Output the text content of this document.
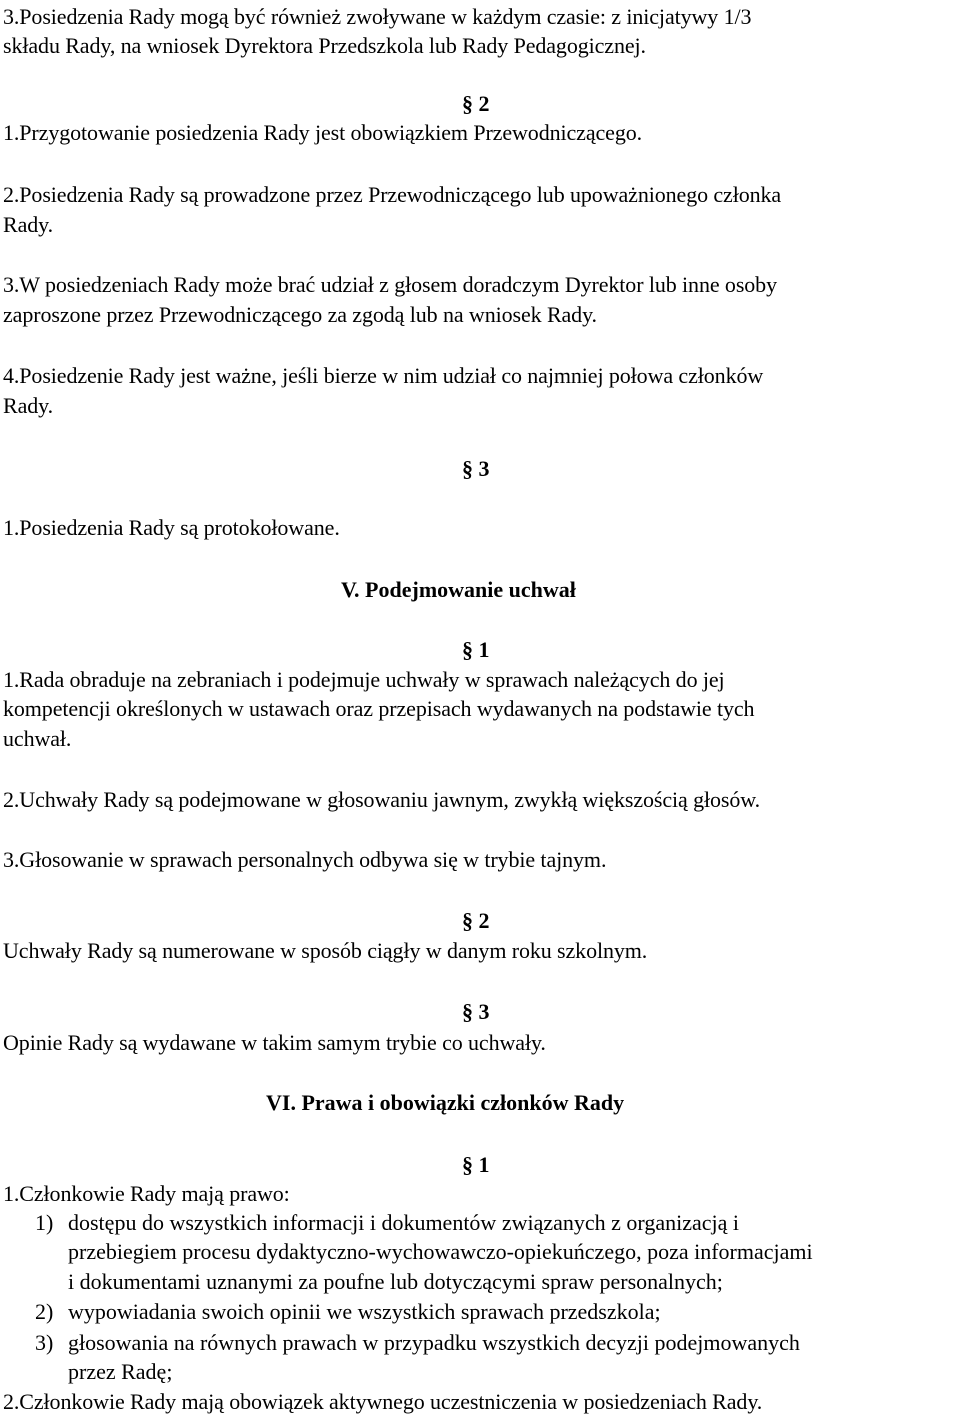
3.Posiedzenia Rady mogą być również zwoływane w każdym czasie: z inicjatywy 1/3
składu Rady, na wniosek Dyrektora Przedszkola lub Rady Pedagogicznej.
§ 2
1.Przygotowanie posiedzenia Rady jest obowiązkiem Przewodniczącego.
2.Posiedzenia Rady są prowadzone przez Przewodniczącego lub upoważnionego członka
Rady.
3.W posiedzeniach Rady może brać udział z głosem doradczym Dyrektor lub inne osoby
zaproszone przez Przewodniczącego za zgodą lub na wniosek Rady.
4.Posiedzenie Rady jest ważne, jeśli bierze w nim udział co najmniej połowa członków
Rady.
§ 3
1.Posiedzenia Rady są protokołowane.
V. Podejmowanie uchwał
§ 1
1.Rada obraduje na zebraniach i podejmuje uchwały w sprawach należących do jej
kompetencji określonych w ustawach oraz przepisach wydawanych na podstawie tych
uchwał.
2.Uchwały Rady są podejmowane w głosowaniu jawnym, zwykłą większością głosów.
3.Głosowanie w sprawach personalnych odbywa się w trybie tajnym.
§ 2
Uchwały Rady są numerowane w sposób ciągły w danym roku szkolnym.
§ 3
Opinie Rady są wydawane w takim samym trybie co uchwały.
VI. Prawa i obowiązki członków Rady
§ 1
1.Członkowie Rady mają prawo:
1) dostępu do wszystkich informacji i dokumentów związanych z organizacją i
przebiegiem procesu dydaktyczno-wychowawczo-opiekuńczego, poza informacjami
i dokumentami uznanymi za poufne lub dotyczącymi spraw personalnych;
2) wypowiadania swoich opinii we wszystkich sprawach przedszkola;
3) głosowania na równych prawach w przypadku wszystkich decyzji podejmowanych
przez Radę;
2.Członkowie Rady mają obowiązek aktywnego uczestniczenia w posiedzeniach Rady.
